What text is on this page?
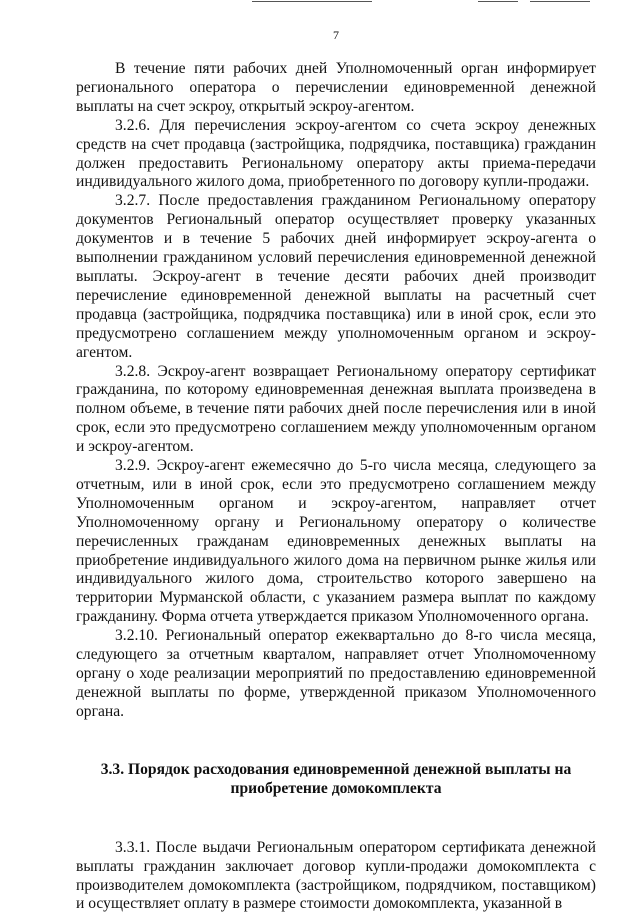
7

В течение пяти рабочих дней Уполномоченный орган информирует регионального оператора о перечислении единовременной денежной выплаты на счет эскроу, открытый эскроу-агентом.

3.2.6. Для перечисления эскроу-агентом со счета эскроу денежных средств на счет продавца (застройщика, подрядчика, поставщика) гражданин должен предоставить Региональному оператору акты приема-передачи индивидуального жилого дома, приобретенного по договору купли-продажи.

3.2.7. После предоставления гражданином Региональному оператору документов Региональный оператор осуществляет проверку указанных документов и в течение 5 рабочих дней информирует эскроу-агента о выполнении гражданином условий перечисления единовременной денежной выплаты. Эскроу-агент в течение десяти рабочих дней производит перечисление единовременной денежной выплаты на расчетный счет продавца (застройщика, подрядчика поставщика) или в иной срок, если это предусмотрено соглашением между уполномоченным органом и эскроу-агентом.

3.2.8. Эскроу-агент возвращает Региональному оператору сертификат гражданина, по которому единовременная денежная выплата произведена в полном объеме, в течение пяти рабочих дней после перечисления или в иной срок, если это предусмотрено соглашением между уполномоченным органом и эскроу-агентом.

3.2.9. Эскроу-агент ежемесячно до 5-го числа месяца, следующего за отчетным, или в иной срок, если это предусмотрено соглашением между Уполномоченным органом и эскроу-агентом, направляет отчет Уполномоченному органу и Региональному оператору о количестве перечисленных гражданам единовременных денежных выплаты на приобретение индивидуального жилого дома на первичном рынке жилья или индивидуального жилого дома, строительство которого завершено на территории Мурманской области, с указанием размера выплат по каждому гражданину. Форма отчета утверждается приказом Уполномоченного органа.

3.2.10. Региональный оператор ежеквартально до 8-го числа месяца, следующего за отчетным кварталом, направляет отчет Уполномоченному органу о ходе реализации мероприятий по предоставлению единовременной денежной выплаты по форме, утвержденной приказом Уполномоченного органа.

3.3. Порядок расходования единовременной денежной выплаты на
приобретение домокомплекта

3.3.1. После выдачи Региональным оператором сертификата денежной выплаты гражданин заключает договор купли-продажи домокомплекта с производителем домокомплекта (застройщиком, подрядчиком, поставщиком) и осуществляет оплату в размере стоимости домокомплекта, указанной в
